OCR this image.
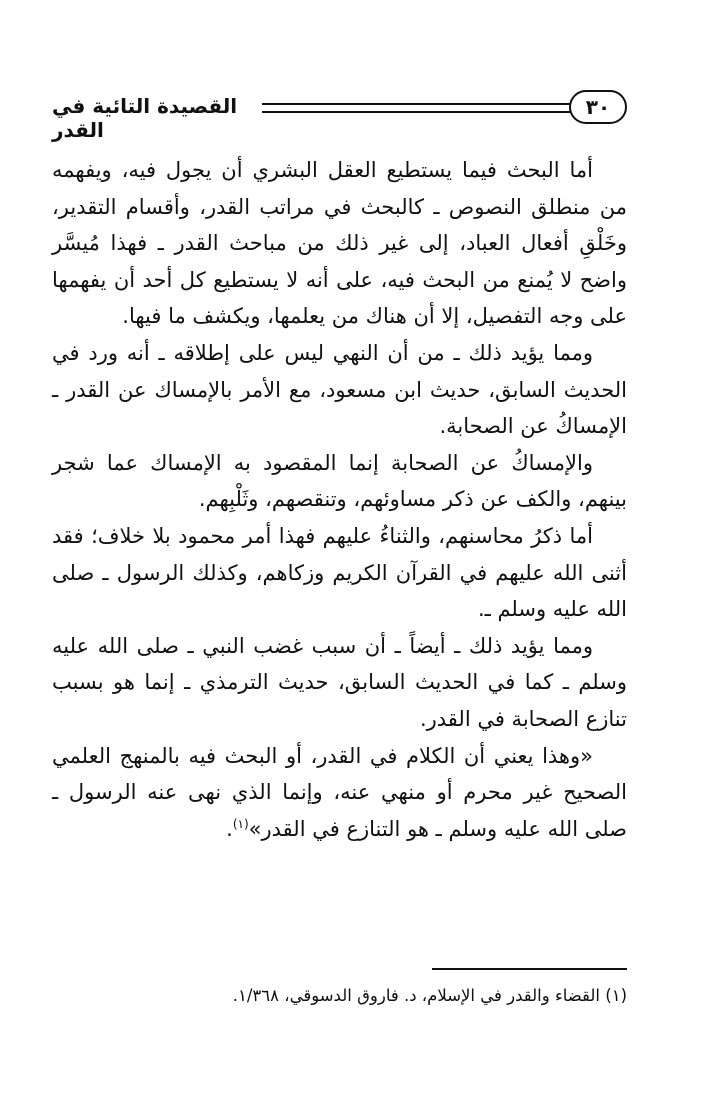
٣٠
القصيدة التائية في القدر

أما البحث فيما يستطيع العقل البشري أن يجول فيه، ويفهمه من منطلق النصوص ـ كالبحث في مراتب القدر، وأقسام التقدير، وخَلْقِ أفعال العباد، إلى غير ذلك من مباحث القدر ـ فهذا مُيسَّر واضح لا يُمنع من البحث فيه، على أنه لا يستطيع كل أحد أن يفهمها على وجه التفصيل، إلا أن هناك من يعلمها، ويكشف ما فيها.

ومما يؤيد ذلك ـ من أن النهي ليس على إطلاقه ـ أنه ورد في الحديث السابق، حديث ابن مسعود، مع الأمر بالإمساك عن القدر ـ الإمساكُ عن الصحابة.

والإمساكُ عن الصحابة إنما المقصود به الإمساك عما شجر بينهم، والكف عن ذكر مساوئهم، وتنقصهم، وثَلْبِهم.

أما ذكرُ محاسنهم، والثناءُ عليهم فهذا أمر محمود بلا خلاف؛ فقد أثنى الله عليهم في القرآن الكريم وزكاهم، وكذلك الرسول ـ صلى الله عليه وسلم ـ.

ومما يؤيد ذلك ـ أيضاً ـ أن سبب غضب النبي ـ صلى الله عليه وسلم ـ كما في الحديث السابق، حديث الترمذي ـ إنما هو بسبب تنازع الصحابة في القدر.

«وهذا يعني أن الكلام في القدر، أو البحث فيه بالمنهج العلمي الصحيح غير محرم أو منهي عنه، وإنما الذي نهى عنه الرسول ـ صلى الله عليه وسلم ـ هو التنازع في القدر»$^{(١)}$.

(١) القضاء والقدر في الإسلام، د. فاروق الدسوقي، ١/٣٦٨.
